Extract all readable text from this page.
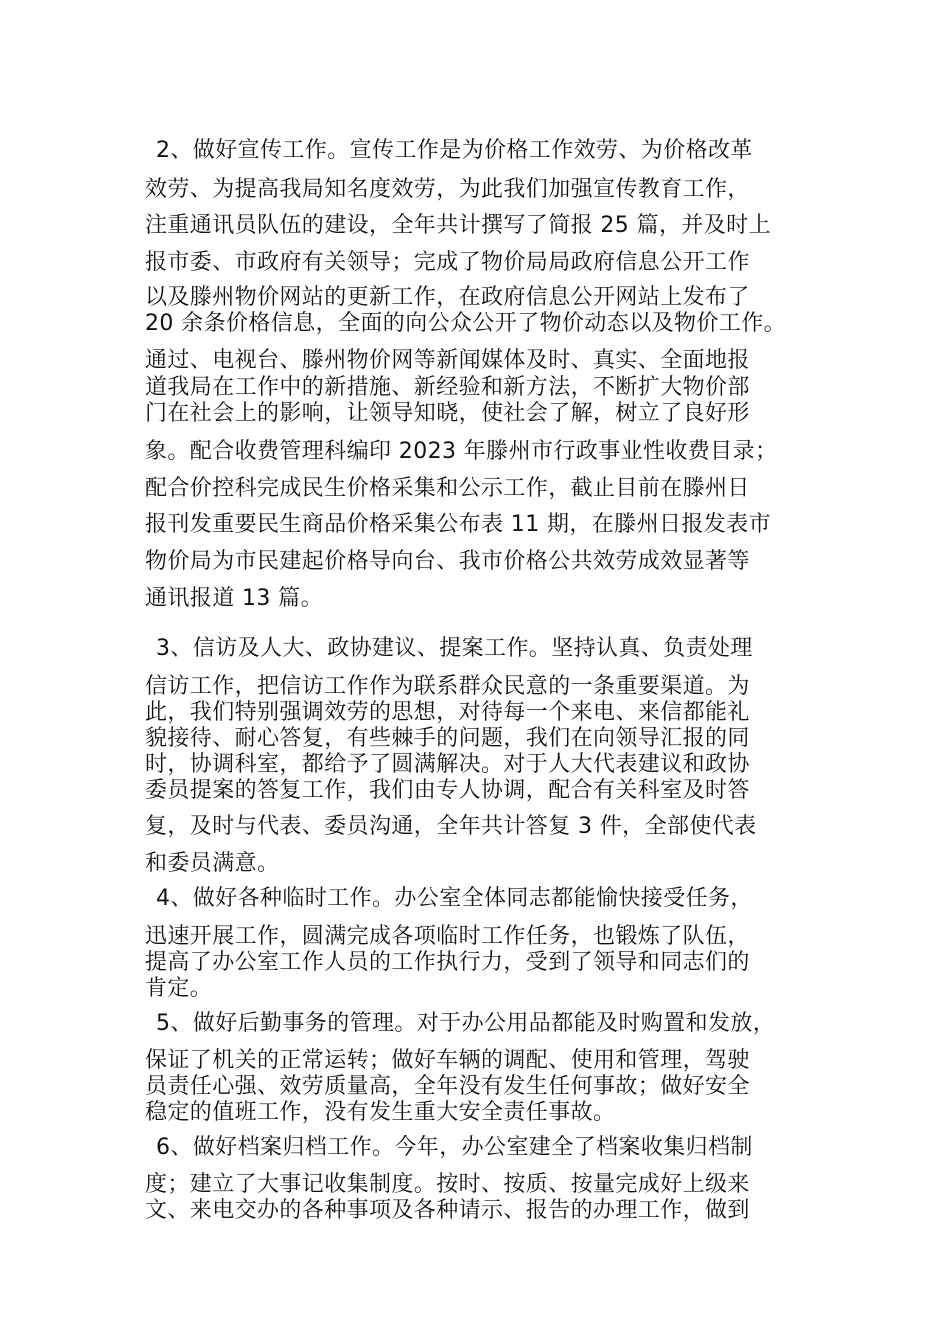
2、做好宣传工作。宣传工作是为价格工作效劳、为价格改革
效劳、为提高我局知名度效劳，为此我们加强宣传教育工作，
注重通讯员队伍的建设，全年共计撰写了简报 25 篇，并及时上
报市委、市政府有关领导；完成了物价局局政府信息公开工作
以及滕州物价网站的更新工作，在政府信息公开网站上发布了
20 余条价格信息，全面的向公众公开了物价动态以及物价工作。
通过、电视台、滕州物价网等新闻媒体及时、真实、全面地报
道我局在工作中的新措施、新经验和新方法，不断扩大物价部
门在社会上的影响，让领导知晓，使社会了解，树立了良好形
象。配合收费管理科编印 2023 年滕州市行政事业性收费目录；
配合价控科完成民生价格采集和公示工作，截止目前在滕州日
报刊发重要民生商品价格采集公布表 11 期，在滕州日报发表市
物价局为市民建起价格导向台、我市价格公共效劳成效显著等
通讯报道 13 篇。
3、信访及人大、政协建议、提案工作。坚持认真、负责处理
信访工作，把信访工作作为联系群众民意的一条重要渠道。为
此，我们特别强调效劳的思想，对待每一个来电、来信都能礼
貌接待、耐心答复，有些棘手的问题，我们在向领导汇报的同
时，协调科室，都给予了圆满解决。对于人大代表建议和政协
委员提案的答复工作，我们由专人协调，配合有关科室及时答
复，及时与代表、委员沟通，全年共计答复 3 件，全部使代表
和委员满意。
4、做好各种临时工作。办公室全体同志都能愉快接受任务，
迅速开展工作，圆满完成各项临时工作任务，也锻炼了队伍，
提高了办公室工作人员的工作执行力，受到了领导和同志们的
肯定。
5、做好后勤事务的管理。对于办公用品都能及时购置和发放，
保证了机关的正常运转；做好车辆的调配、使用和管理，驾驶
员责任心强、效劳质量高，全年没有发生任何事故；做好安全
稳定的值班工作，没有发生重大安全责任事故。
6、做好档案归档工作。今年，办公室建全了档案收集归档制
度；建立了大事记收集制度。按时、按质、按量完成好上级来
文、来电交办的各种事项及各种请示、报告的办理工作，做到
